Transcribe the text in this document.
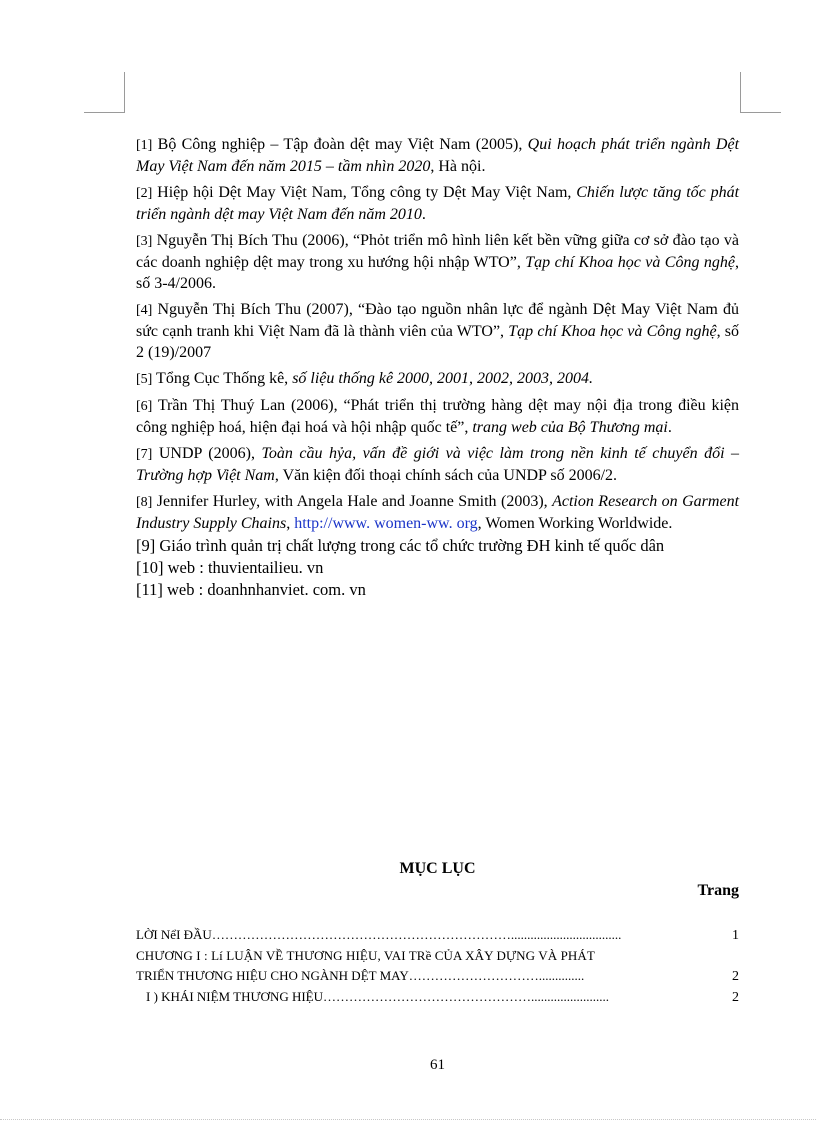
[1] Bộ Công nghiệp – Tập đoàn dệt may Việt Nam (2005), Qui hoạch phát triển ngành Dệt May Việt Nam đến năm 2015 – tầm nhìn 2020, Hà nội.

[2] Hiệp hội Dệt May Việt Nam, Tổng công ty Dệt May Việt Nam, Chiến lược tăng tốc phát triển ngành dệt may Việt Nam đến năm 2010.

[3] Nguyễn Thị Bích Thu (2006), “Phỏt triển mô hình liên kết bền vững giữa cơ sở đào tạo và các doanh nghiệp dệt may trong xu hướng hội nhập WTO”, Tạp chí Khoa học và Công nghệ, số 3-4/2006.

[4] Nguyễn Thị Bích Thu (2007), “Đào tạo nguồn nhân lực để ngành Dệt May Việt Nam đủ sức cạnh tranh khi Việt Nam đã là thành viên của WTO”, Tạp chí Khoa học và Công nghệ, số 2 (19)/2007

[5] Tổng Cục Thống kê, số liệu thống kê 2000, 2001, 2002, 2003, 2004.

[6] Trần Thị Thuý Lan (2006), “Phát triển thị trường hàng dệt may nội địa trong điều kiện công nghiệp hoá, hiện đại hoá và hội nhập quốc tế”, trang web của Bộ Thương mại.

[7] UNDP (2006), Toàn cầu hỷa, vấn đề giới và việc làm trong nền kinh tế chuyển đổi – Trường hợp Việt Nam, Văn kiện đối thoại chính sách của UNDP số 2006/2.

[8] Jennifer Hurley, with Angela Hale and Joanne Smith (2003), Action Research on Garment Industry Supply Chains, http://www. women-ww. org, Women Working Worldwide.

[9] Giáo trình quản trị chất lượng trong các tổ chức trường ĐH kinh tế quốc dân

[10] web : thuvientailieu. vn

[11] web : doanhnhanviet. com. vn

MỤC LỤC
Trang
LỜI NểI ĐẦU ……………………………………………………………..................................	1
CHƯƠNG I : Lí LUẬN VỀ THƯƠNG HIỆU, VAI TRề CỦA XÂY DỰNG VÀ PHÁT
TRIỂN THƯƠNG HIỆU CHO NGÀNH DỆT MAY …………………………..............	2
I ) KHÁI NIỆM THƯƠNG HIỆU …………………………………………........................	2
61
